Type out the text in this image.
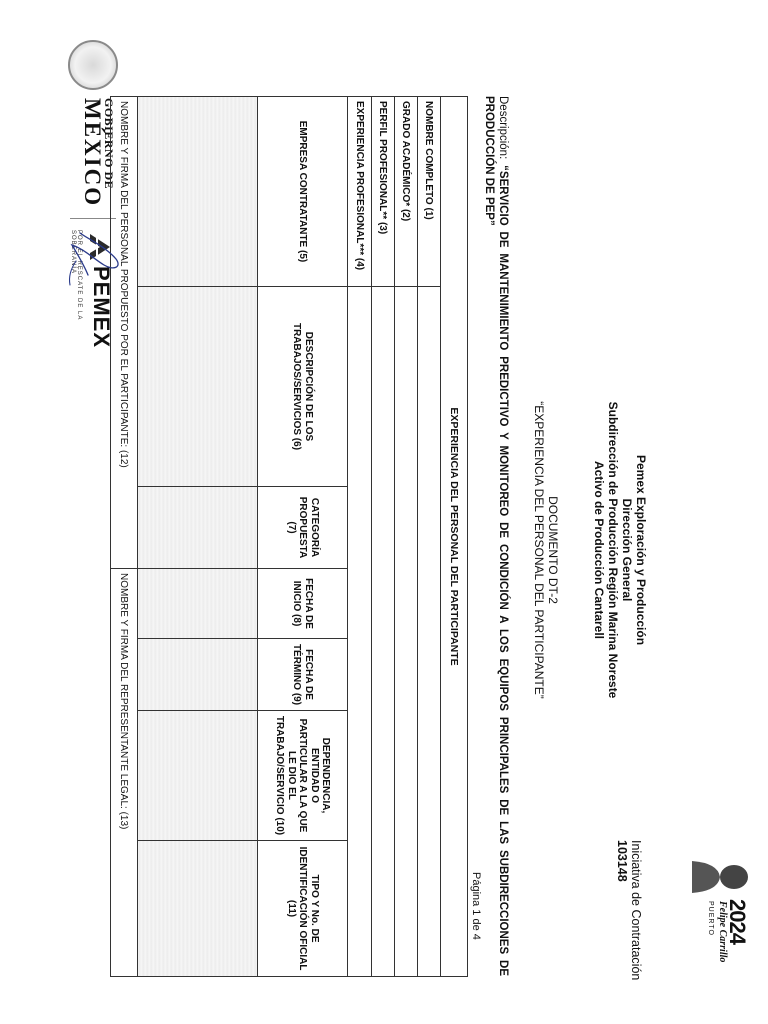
GOBIERNO DE
MÉXICO
PEMEX
POR EL RESCATE DE LA SOBERANÍA
Pemex Exploración y Producción
Dirección General
Subdirección de Producción Región Marina Noreste
Activo de Producción Cantarell
Iniciativa de Contratación 103148
2024
Felipe Carrillo
PUERTO
DOCUMENTO DT-2
“EXPERIENCIA DEL PERSONAL DEL PARTICIPANTE”
Descripción: “SERVICIO DE MANTENIMIENTO PREDICTIVO Y MONITOREO DE CONDICIÓN A LOS EQUIPOS PRINCIPALES DE LAS SUBDIRECCIONES DE PRODUCCIÓN DE PEP”
Página 1 de 4
EXPERIENCIA DEL PERSONAL DEL PARTICIPANTE						
NOMBRE COMPLETO (1)						
GRADO ACADÉMICO* (2)						
PERFIL PROFESIONAL** (3)						
EXPERIENCIA PROFESIONAL*** (4)						
EMPRESA CONTRATANTE (5)	DESCRIPCIÓN DE LOS TRABAJOS/SERVICIOS (6)	CATEGORÍA PROPUESTA (7)	FECHA DE INICIO (8)	FECHA DE TÉRMINO (9)	DEPENDENCIA, ENTIDAD O PARTICULAR A LA QUE LE DIO EL TRABAJO/SERVICIO (10)	TIPO Y No. DE IDENTIFICACIÓN OFICIAL (11)

NOMBRE Y FIRMA DEL PERSONAL PROPUESTO POR EL PARTICIPANTE: (12)			NOMBRE Y FIRMA DEL REPRESENTANTE LEGAL: (13)			
